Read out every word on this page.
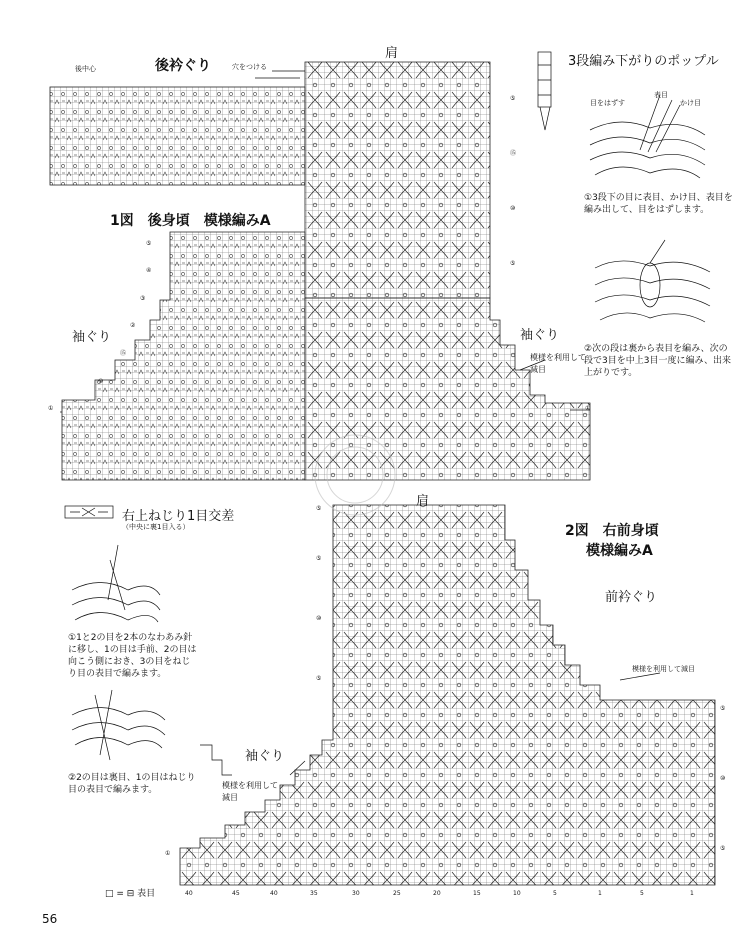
⑤
④
③
②
⑮
⑩
①
⑤
⑮
⑩
⑤
①
40	45	40	35	30	25	20	15	10	5	1	5	1
⑤
⑤
⑩
⑤
⑤
⑩
⑤
①
後衿ぐり
肩
後中心	穴をつける
1図　後身頃　模様編みA
袖ぐり	袖ぐり
模様を利用して減目
3段編み下がりのポップル
目をはずす
表目
かけ目
①3段下の目に表目、かけ目、表目を編み出して、目をはずします。
②次の段は裏から表目を編み、次の段で3目を中上3目一度に編み、出来上がりです。
右上ねじり1目交差
（中央に裏1目入る）
①1と2の目を2本のなわあみ針に移し、1の目は手前、2の目は向こう側におき、3の目をねじり目の表目で編みます。
②2の目は裏目、1の目はねじり目の表目で編みます。
肩
2図　右前身頃
模様編みA
前衿ぐり
模様を利用して減目
袖ぐり
模様を利用して減目
□ = ⊟ 表目
56
